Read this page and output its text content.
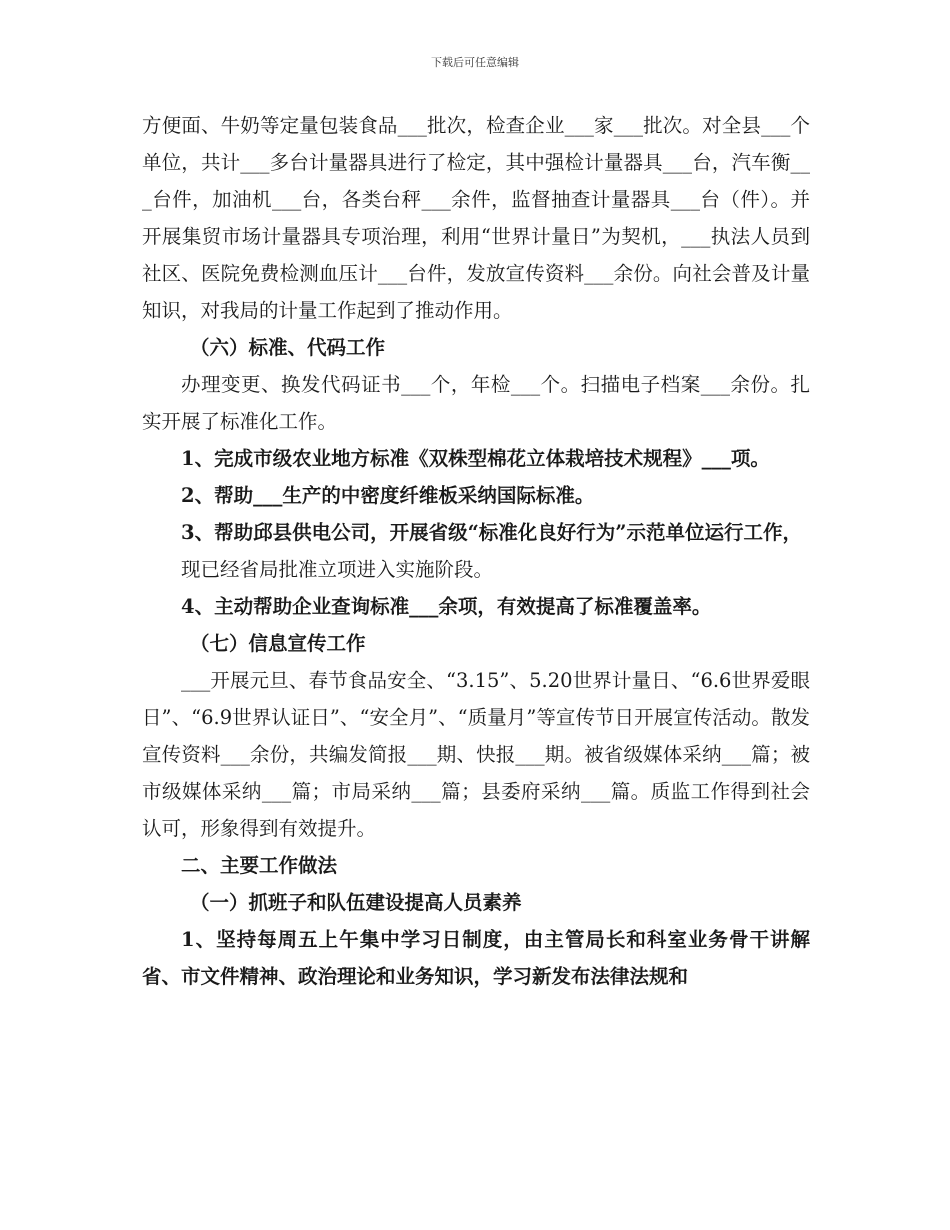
下载后可任意编辑

方便面、牛奶等定量包装食品___批次，检查企业___家___批次。对全县___个单位，共计___多台计量器具进行了检定，其中强检计量器具___台，汽车衡___台件，加油机___台，各类台秤___余件，监督抽查计量器具___台（件）。并开展集贸市场计量器具专项治理，利用“世界计量日”为契机，___执法人员到社区、医院免费检测血压计___台件，发放宣传资料___余份。向社会普及计量知识，对我局的计量工作起到了推动作用。

（六）标准、代码工作

办理变更、换发代码证书___个，年检___个。扫描电子档案___余份。扎实开展了标准化工作。

1、完成市级农业地方标准《双株型棉花立体栽培技术规程》___项。

2、帮助___生产的中密度纤维板采纳国际标准。

3、帮助邱县供电公司，开展省级“标准化良好行为”示范单位运行工作，

现已经省局批准立项进入实施阶段。

4、主动帮助企业查询标准___余项，有效提高了标准覆盖率。

（七）信息宣传工作

___开展元旦、春节食品安全、“3.15”、5.20世界计量日、“6.6世界爱眼日”、“6.9世界认证日”、“安全月”、“质量月”等宣传节日开展宣传活动。散发宣传资料___余份，共编发简报___期、快报___期。被省级媒体采纳___篇；被市级媒体采纳___篇；市局采纳___篇；县委府采纳___篇。质监工作得到社会认可，形象得到有效提升。

二、主要工作做法

（一）抓班子和队伍建设提高人员素养

1、坚持每周五上午集中学习日制度，由主管局长和科室业务骨干讲解省、市文件精神、政治理论和业务知识，学习新发布法律法规和
